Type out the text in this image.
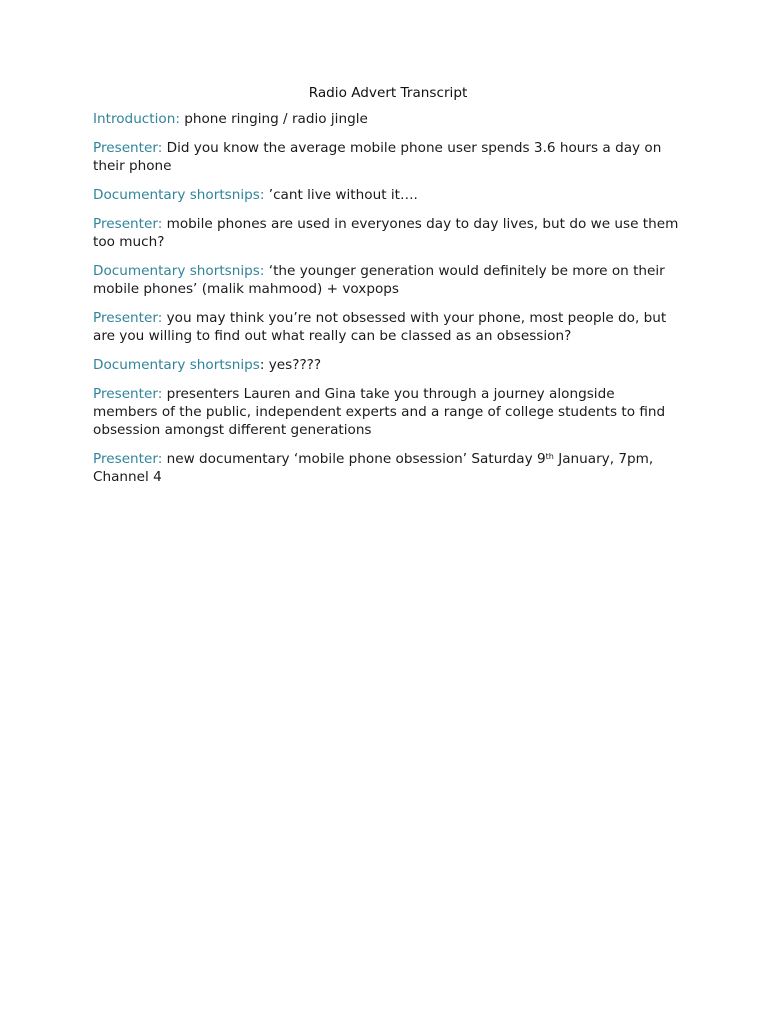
Radio Advert Transcript

Introduction: phone ringing / radio jingle

Presenter: Did you know the average mobile phone user spends 3.6 hours a day on their phone

Documentary shortsnips: ’cant live without it….

Presenter: mobile phones are used in everyones day to day lives, but do we use them too much?

Documentary shortsnips: ‘the younger generation would definitely be more on their mobile phones’ (malik mahmood) + voxpops

Presenter: you may think you’re not obsessed with your phone, most people do, but are you willing to find out what really can be classed as an obsession?

Documentary shortsnips: yes????

Presenter: presenters Lauren and Gina take you through a journey alongside members of the public, independent experts and a range of college students to find obsession amongst different generations

Presenter: new documentary ‘mobile phone obsession’ Saturday 9th January, 7pm, Channel 4
